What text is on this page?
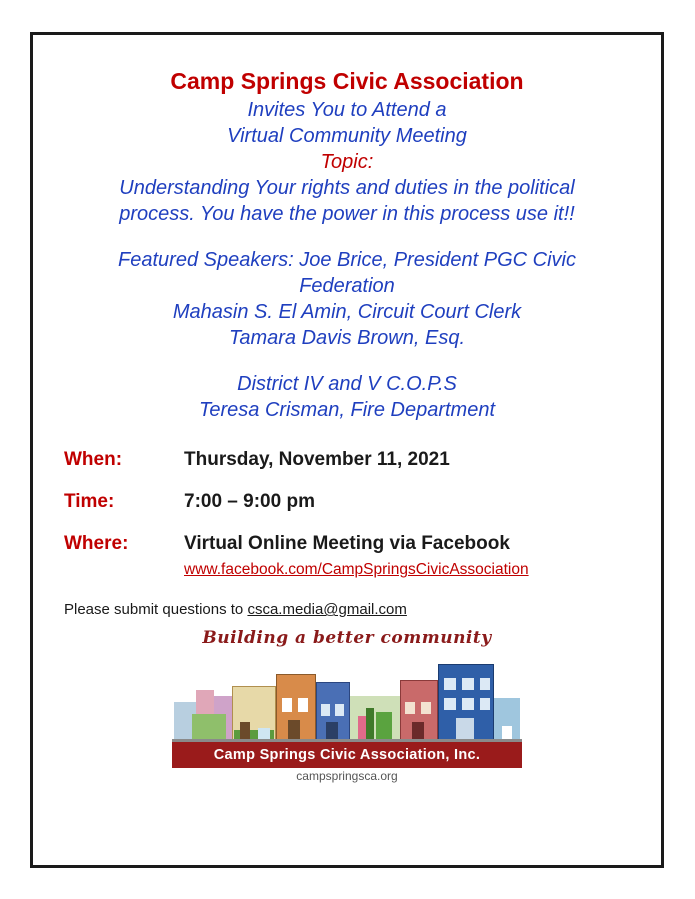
Camp Springs Civic Association
Invites You to Attend a
Virtual Community Meeting
Topic:
Understanding Your rights and duties in the political
process. You have the power in this process use it!!
Featured Speakers: Joe Brice, President PGC Civic
Federation
Mahasin S. El Amin, Circuit Court Clerk
Tamara Davis Brown, Esq.
District IV and V C.O.P.S
Teresa Crisman, Fire Department
When:	Thursday, November 11, 2021
Time:	7:00 – 9:00 pm
Where:	Virtual Online Meeting via Facebook
www.facebook.com/CampSpringsCivicAssociation
Please submit questions to csca.media@gmail.com
Building a better community
Camp Springs Civic Association, Inc.
campspringsca.org
